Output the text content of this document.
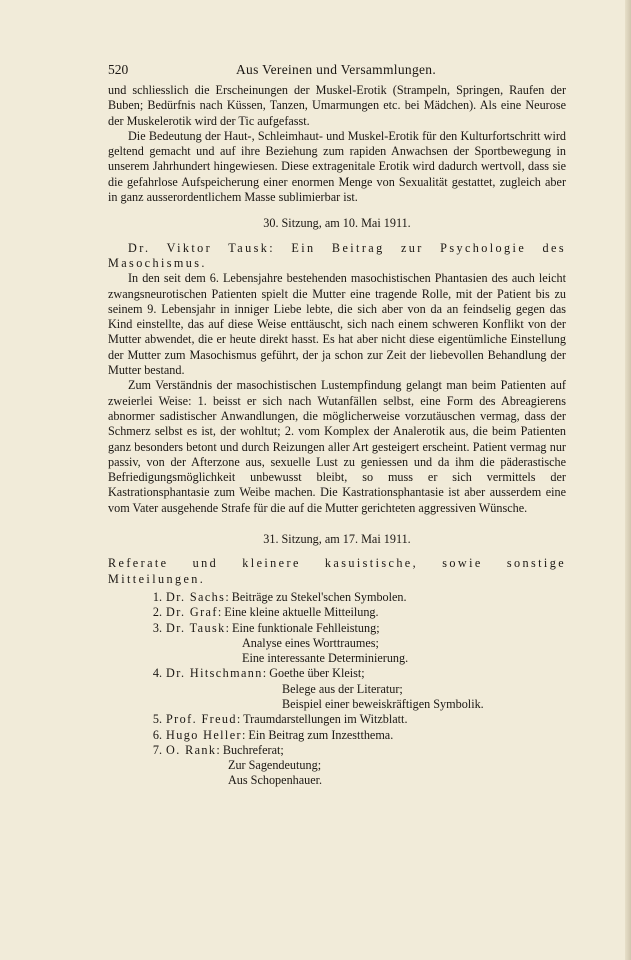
520	Aus Vereinen und Versammlungen.

und schliesslich die Erscheinungen der Muskel-Erotik (Strampeln, Springen, Raufen der Buben; Bedürfnis nach Küssen, Tanzen, Umarmungen etc. bei Mädchen). Als eine Neurose der Muskelerotik wird der Tic aufgefasst.

Die Bedeutung der Haut-, Schleimhaut- und Muskel-Erotik für den Kulturfortschritt wird geltend gemacht und auf ihre Beziehung zum rapiden Anwachsen der Sportbewegung in unserem Jahrhundert hingewiesen. Diese extragenitale Erotik wird dadurch wertvoll, dass sie die gefahrlose Aufspeicherung einer enormen Menge von Sexualität gestattet, zugleich aber in ganz ausserordentlichem Masse sublimierbar ist.

30. Sitzung, am 10. Mai 1911.

Dr. Viktor Tausk: Ein Beitrag zur Psychologie des Masochismus.

In den seit dem 6. Lebensjahre bestehenden masochistischen Phantasien des auch leicht zwangsneurotischen Patienten spielt die Mutter eine tragende Rolle, mit der Patient bis zu seinem 9. Lebensjahr in inniger Liebe lebte, die sich aber von da an feindselig gegen das Kind einstellte, das auf diese Weise enttäuscht, sich nach einem schweren Konflikt von der Mutter abwendet, die er heute direkt hasst. Es hat aber nicht diese eigentümliche Einstellung der Mutter zum Masochismus geführt, der ja schon zur Zeit der liebevollen Behandlung der Mutter bestand.

Zum Verständnis der masochistischen Lustempfindung gelangt man beim Patienten auf zweierlei Weise: 1. beisst er sich nach Wutanfällen selbst, eine Form des Abreagierens abnormer sadistischer Anwandlungen, die möglicherweise vorzutäuschen vermag, dass der Schmerz selbst es ist, der wohltut; 2. vom Komplex der Analerotik aus, die beim Patienten ganz besonders betont und durch Reizungen aller Art gesteigert erscheint. Patient vermag nur passiv, von der Afterzone aus, sexuelle Lust zu geniessen und da ihm die päderastische Befriedigungsmöglichkeit unbewusst bleibt, so muss er sich vermittels der Kastrationsphantasie zum Weibe machen. Die Kastrationsphantasie ist aber ausserdem eine vom Vater ausgehende Strafe für die auf die Mutter gerichteten aggressiven Wünsche.

31. Sitzung, am 17. Mai 1911.

Referate und kleinere kasuistische, sowie sonstige Mitteilungen.

1. Dr. Sachs: Beiträge zu Stekel'schen Symbolen.
2. Dr. Graf: Eine kleine aktuelle Mitteilung.
3. Dr. Tausk: Eine funktionale Fehlleistung;
Analyse eines Worttraumes;
Eine interessante Determinierung.
4. Dr. Hitschmann: Goethe über Kleist;
Belege aus der Literatur;
Beispiel einer beweiskräftigen Symbolik.
5. Prof. Freud: Traumdarstellungen im Witzblatt.
6. Hugo Heller: Ein Beitrag zum Inzestthema.
7. O. Rank: Buchreferat;
Zur Sagendeutung;
Aus Schopenhauer.
